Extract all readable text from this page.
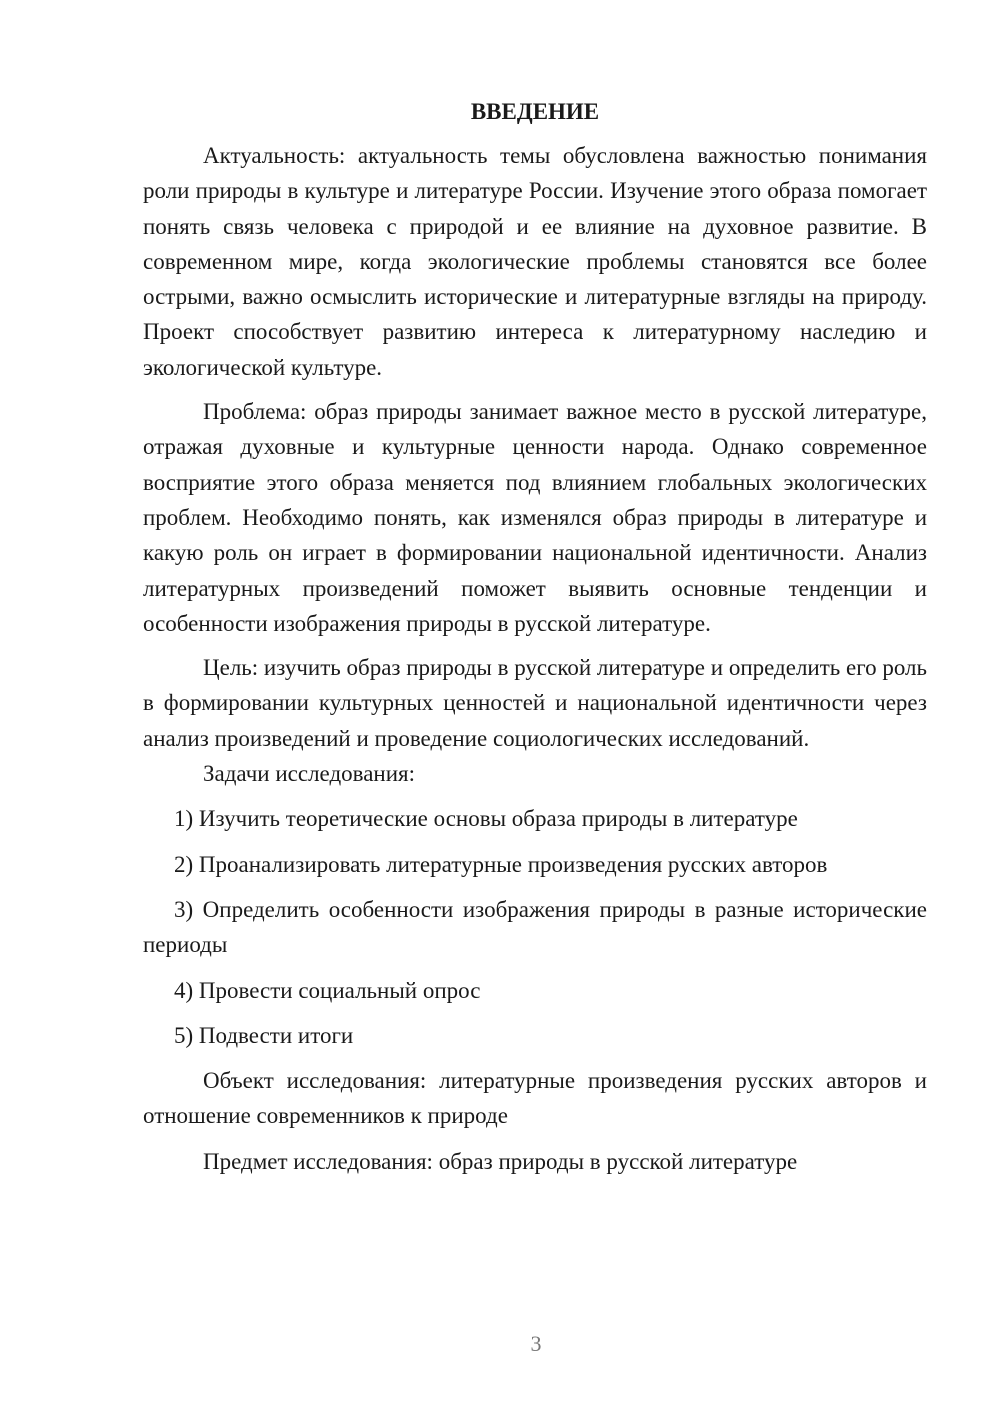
ВВЕДЕНИЕ

Актуальность: актуальность темы обусловлена важностью понимания роли природы в культуре и литературе России. Изучение этого образа помогает понять связь человека с природой и ее влияние на духовное развитие. В современном мире, когда экологические проблемы становятся все более острыми, важно осмыслить исторические и литературные взгляды на природу. Проект способствует развитию интереса к литературному наследию и экологической культуре.

Проблема: образ природы занимает важное место в русской литературе, отражая духовные и культурные ценности народа. Однако современное восприятие этого образа меняется под влиянием глобальных экологических проблем. Необходимо понять, как изменялся образ природы в литературе и какую роль он играет в формировании национальной идентичности. Анализ литературных произведений поможет выявить основные тенденции и особенности изображения природы в русской литературе.

Цель: изучить образ природы в русской литературе и определить его роль в формировании культурных ценностей и национальной идентичности через анализ произведений и проведение социологических исследований.

Задачи исследования:

1) Изучить теоретические основы образа природы в литературе

2) Проанализировать литературные произведения русских авторов

3) Определить особенности изображения природы в разные исторические периоды

4) Провести социальный опрос

5) Подвести итоги

Объект исследования: литературные произведения русских авторов и отношение современников к природе

Предмет исследования: образ природы в русской литературе

3
